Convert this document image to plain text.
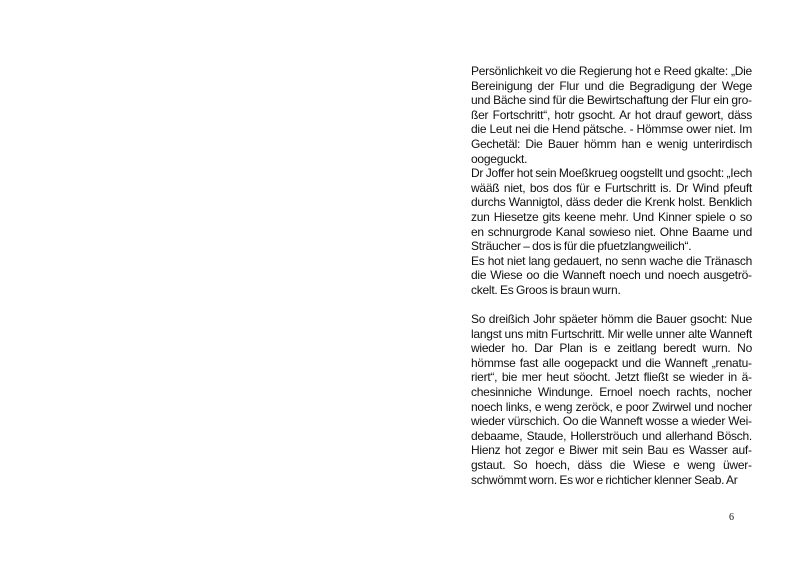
Persönlichkeit vo die Regierung hot e Reed gkalte: „Die Bereinigung der Flur und die Begradigung der Wege und Bäche sind für die Bewirtschaftung der Flur ein großer Fortschritt“, hotr gsocht. Ar hot drauf gewort, däss die Leut nei die Hend pätsche. - Hömmse ower niet. Im Gechetäl: Die Bauer hömm han e wenig unterirdisch oogeguckt.

Dr Joffer hot sein Moeßkrueg oogstellt und gsocht: „Iech wääß niet, bos dos für e Furtschritt is. Dr Wind pfeuft durchs Wannigtol, däss deder die Krenk holst. Benklich zun Hiesetze gits keene mehr. Und Kinner spiele o so en schnurgrode Kanal sowieso niet. Ohne Baame und Sträucher – dos is für die pfuetzlangweilich“.

Es hot niet lang gedauert, no senn wache die Tränasch die Wiese oo die Wanneft noech und noech ausgetröckelt. Es Groos is braun wurn.

So dreißich Johr späeter hömm die Bauer gsocht: Nue langst uns mitn Furtschritt. Mir welle unner alte Wanneft wieder ho. Dar Plan is e zeitlang beredt wurn. No hömmse fast alle oogepackt und die Wanneft „renaturiert“, bie mer heut söocht. Jetzt fließt se wieder in ächesinniche Windunge. Ernoel noech rachts, nocher noech links, e weng zeröck, e poor Zwirwel und nocher wieder vürschich. Oo die Wanneft wosse a wieder Weidebaame, Staude, Hollerströuch und allerhand Bösch. Hienz hot zegor e Biwer mit sein Bau es Wasser aufgstaut. So hoech, däss die Wiese e weng üwerschwömmt worn. Es wor e richticher klenner Seab. Ar

6
